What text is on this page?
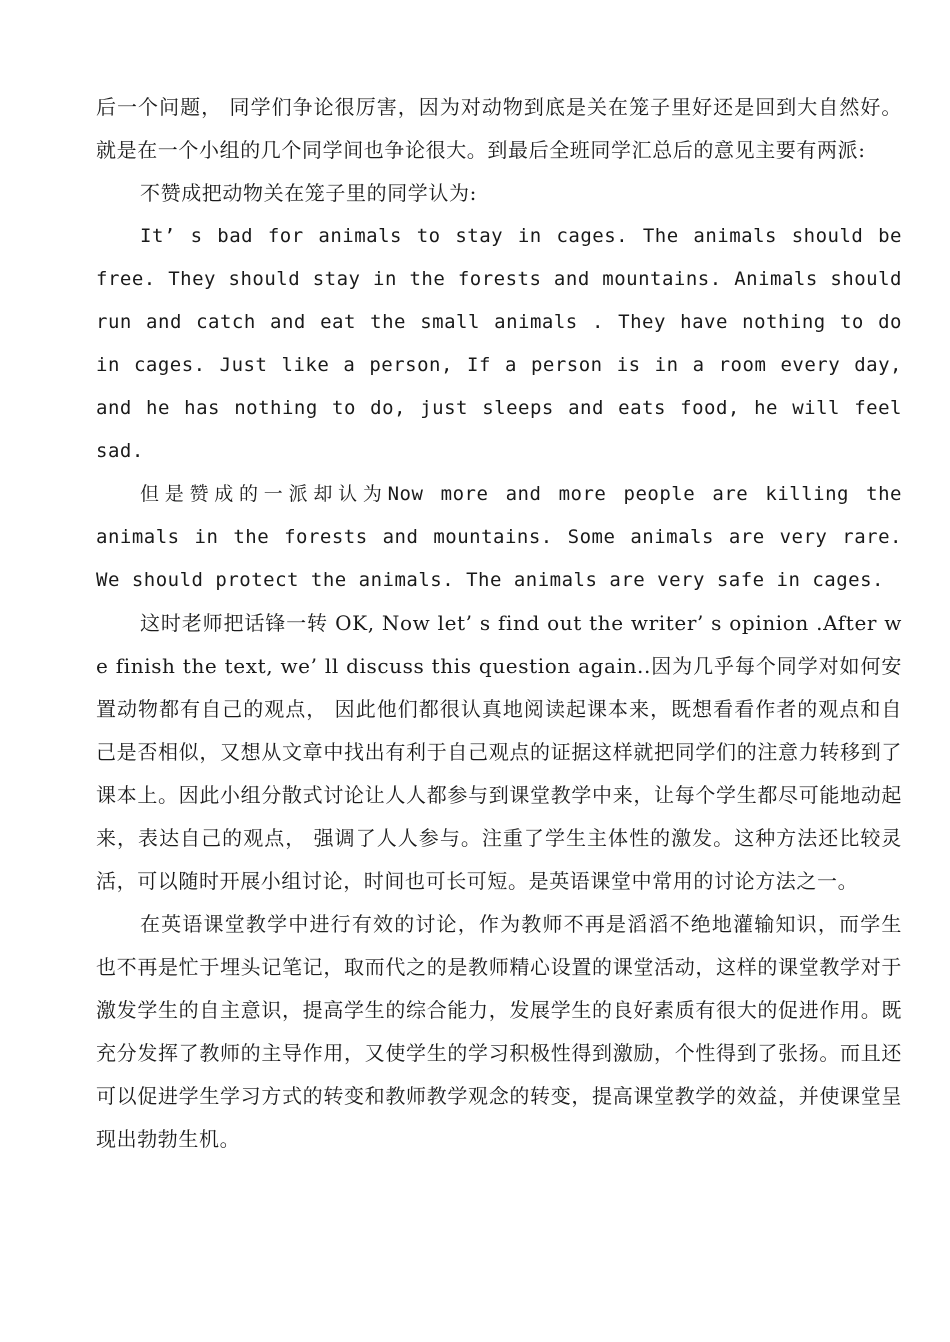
后一个问题， 同学们争论很厉害，因为对动物到底是关在笼子里好还是回到大自然好。就是在一个小组的几个同学间也争论很大。到最后全班同学汇总后的意见主要有两派:

不赞成把动物关在笼子里的同学认为:

It’ s bad for animals to stay in cages. The animals should be free. They should stay in the forests and mountains. Animals should run and catch and eat the small animals . They have nothing to do in cages. Just like a person, If a person is in a room every day, and he has nothing to do, just sleeps and eats food, he will feel sad.

但是赞成的一派却认为Now more and more people are killing the animals in the forests and mountains. Some animals are very rare. We should protect the animals. The animals are very safe in cages.

这时老师把话锋一转 OK, Now let’ s find out the writer’ s opinion .After we finish the text, we’ ll discuss this question again..因为几乎每个同学对如何安置动物都有自己的观点， 因此他们都很认真地阅读起课本来，既想看看作者的观点和自己是否相似，又想从文章中找出有利于自己观点的证据这样就把同学们的注意力转移到了课本上。因此小组分散式讨论让人人都参与到课堂教学中来，让每个学生都尽可能地动起来，表达自己的观点， 强调了人人参与。注重了学生主体性的激发。这种方法还比较灵活，可以随时开展小组讨论，时间也可长可短。是英语课堂中常用的讨论方法之一。

在英语课堂教学中进行有效的讨论，作为教师不再是滔滔不绝地灌输知识，而学生也不再是忙于埋头记笔记，取而代之的是教师精心设置的课堂活动，这样的课堂教学对于激发学生的自主意识，提高学生的综合能力，发展学生的良好素质有很大的促进作用。既充分发挥了教师的主导作用，又使学生的学习积极性得到激励，个性得到了张扬。而且还可以促进学生学习方式的转变和教师教学观念的转变，提高课堂教学的效益，并使课堂呈现出勃勃生机。
